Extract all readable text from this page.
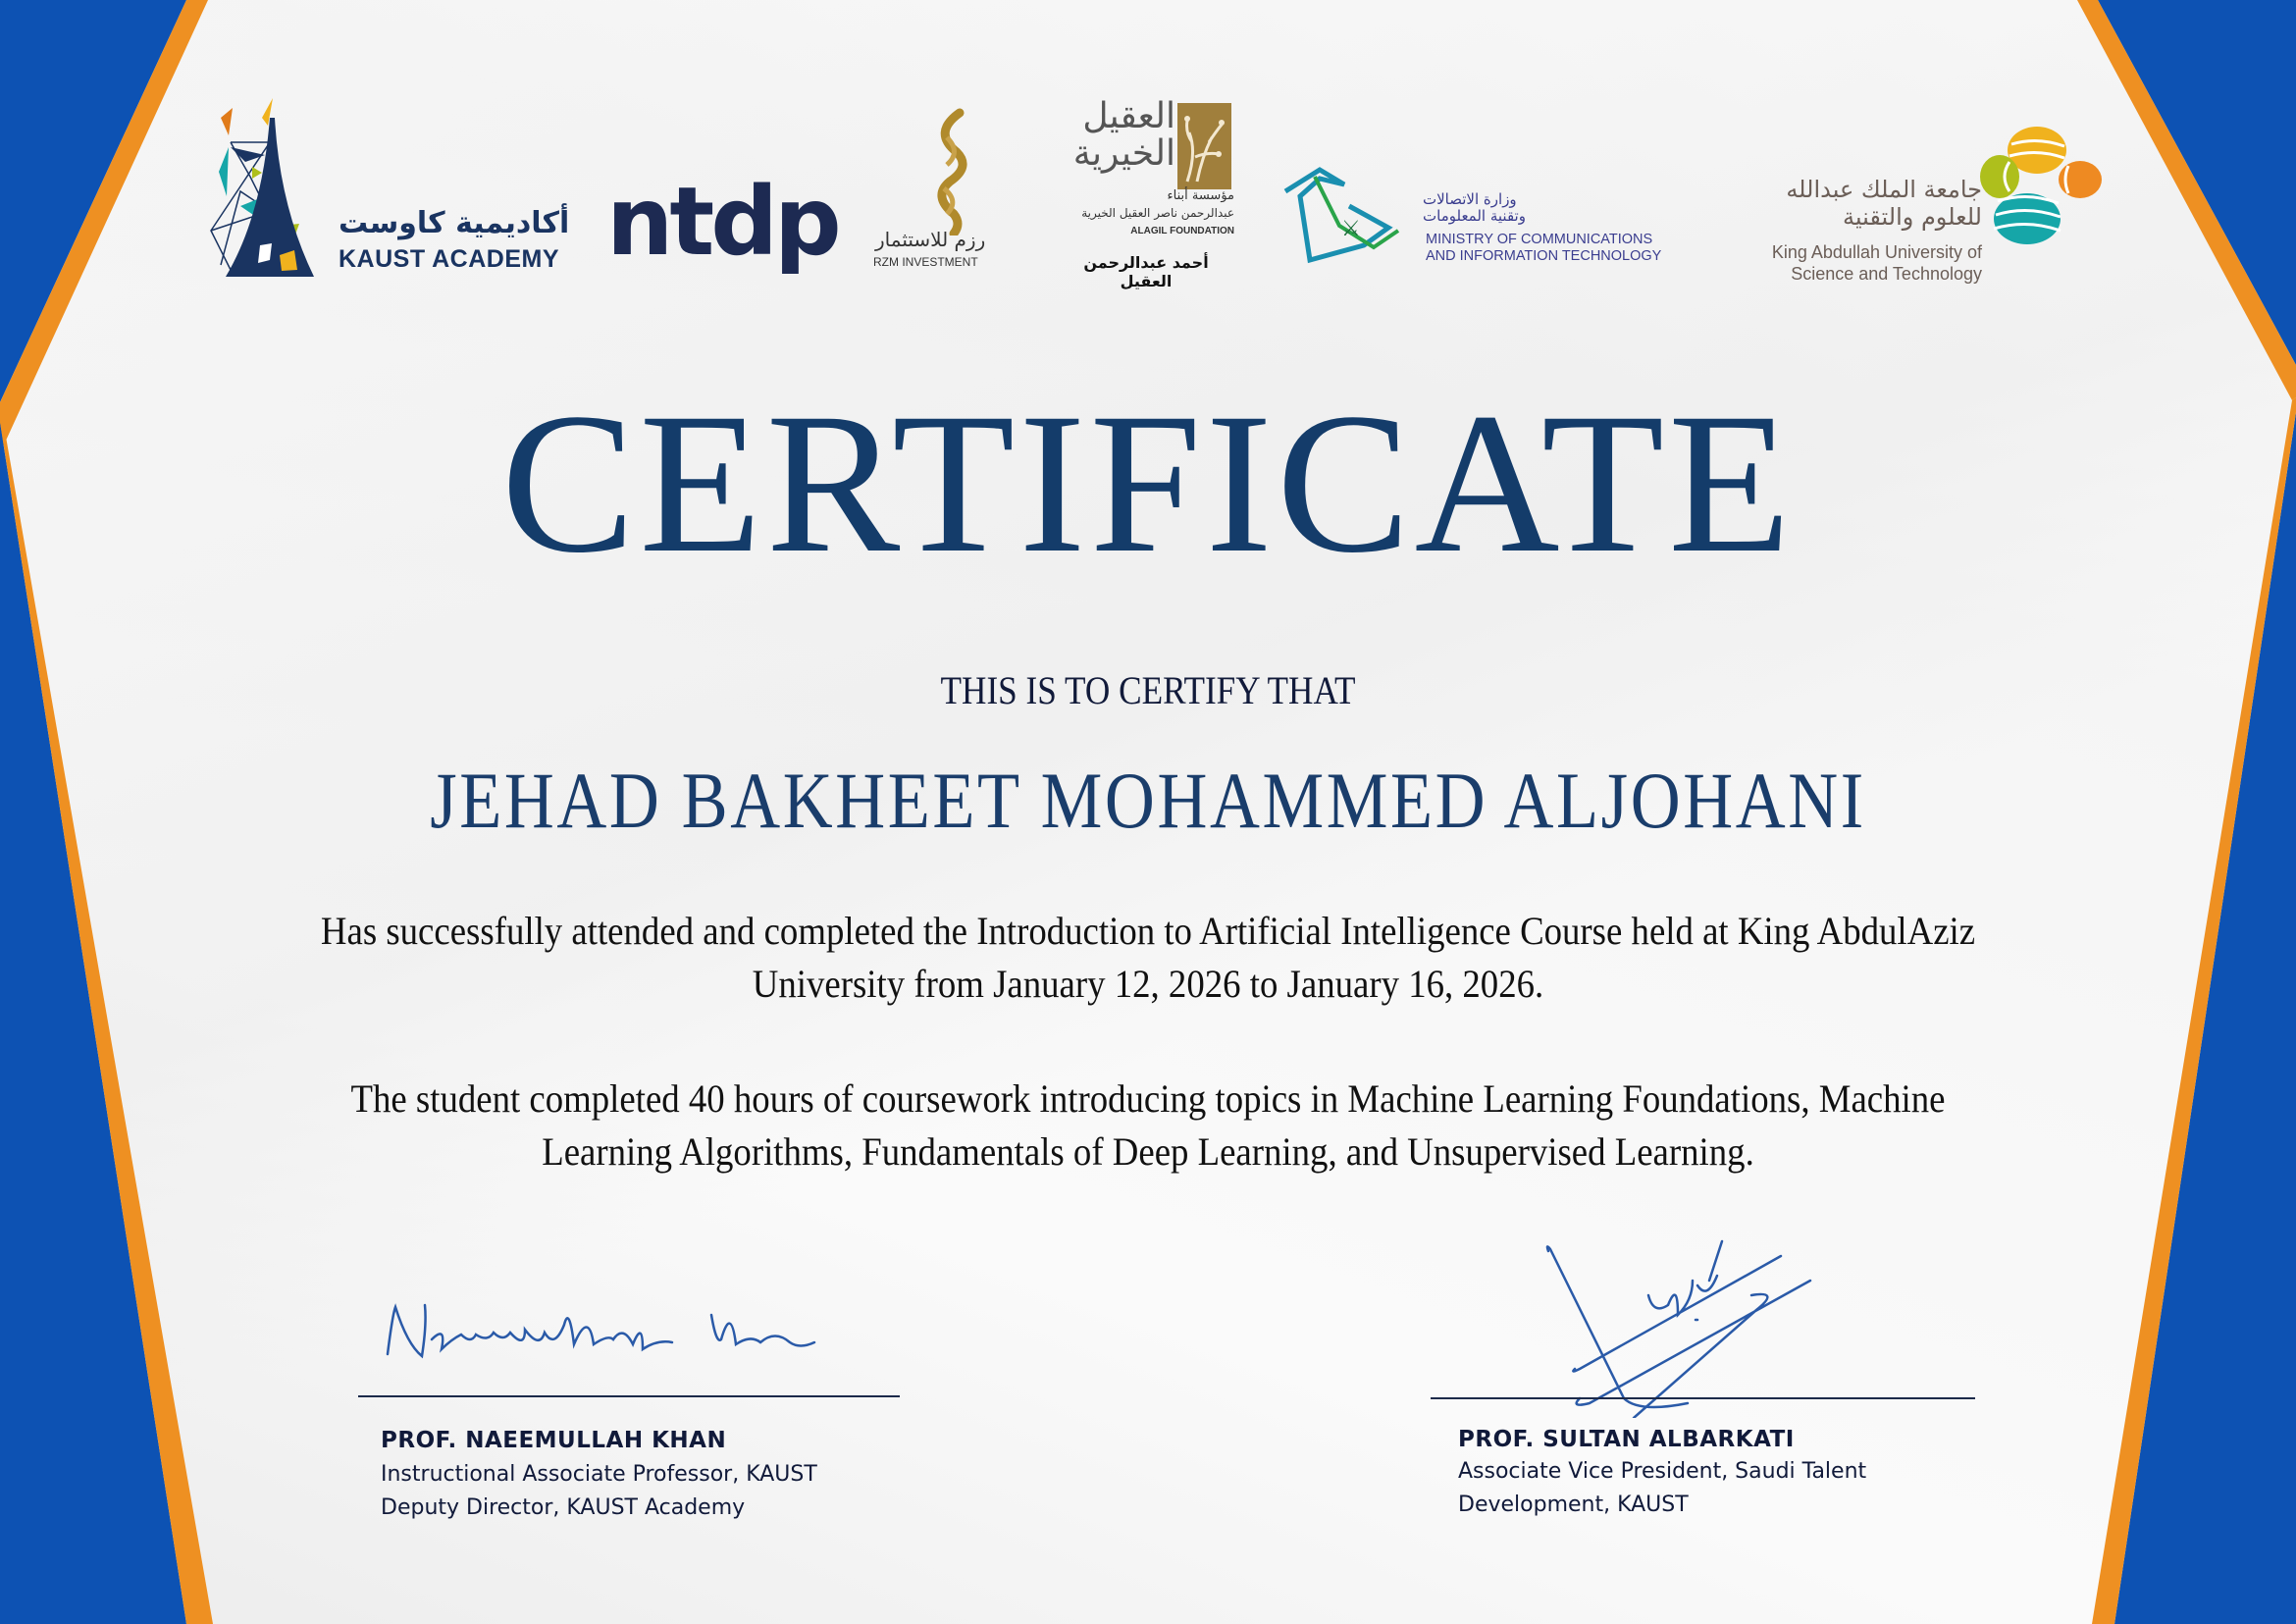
أكاديمية كاوست
KAUST ACADEMY ntdp رزم للاستثمار
RZM INVESTMENT
العقيل
الخيرية
مؤسسة أبناء
عبدالرحمن ناصر العقيل الخيرية
ALAGIL FOUNDATION
أحمد عبدالرحمن العقيل
⚔
وزارة الاتصالات
وتقنية المعلومات
MINISTRY OF COMMUNICATIONS
AND INFORMATION TECHNOLOGY
جامعة الملك عبدالله
للعلوم والتقنية
King Abdullah University of
Science and Technology
CERTIFICATE
THIS IS TO CERTIFY THAT
JEHAD BAKHEET MOHAMMED ALJOHANI
Has successfully attended and completed the Introduction to Artificial Intelligence Course held at King AbdulAziz University from January 12, 2026 to January 16, 2026.
The student completed 40 hours of coursework introducing topics in Machine Learning Foundations, Machine Learning Algorithms, Fundamentals of Deep Learning, and Unsupervised Learning.
PROF. NAEEMULLAH KHAN
Instructional Associate Professor, KAUST
Deputy Director, KAUST Academy
PROF. SULTAN ALBARKATI
Associate Vice President, Saudi Talent
Development, KAUST
